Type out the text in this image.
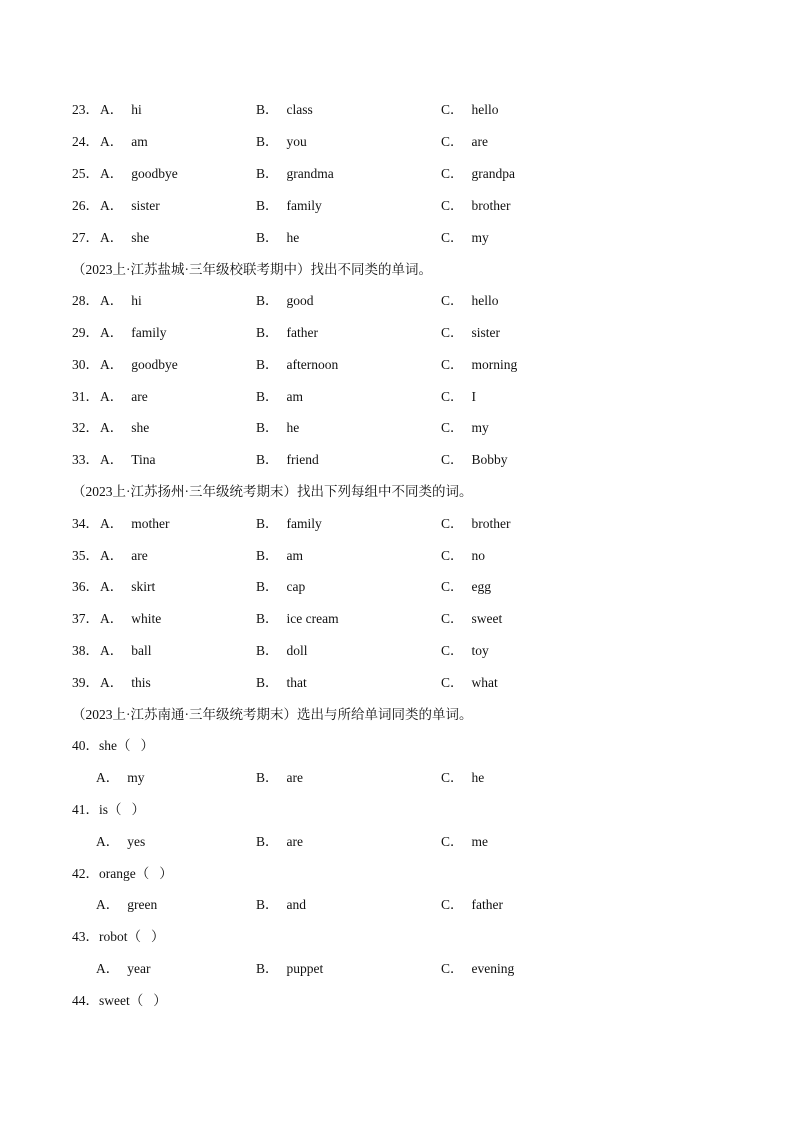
23． A． hi	B． class	C． hello
24． A． am	B． you	C． are
25． A． goodbye	B． grandma	C． grandpa
26． A． sister	B． family	C． brother
27． A． she	B． he	C． my
（2023上·江苏盐城·三年级校联考期中）找出不同类的单词。
28． A． hi	B． good	C． hello
29． A． family	B． father	C． sister
30． A． goodbye	B． afternoon	C． morning
31． A． are	B． am	C． I
32． A． she	B． he	C． my
33． A． Tina	B． friend	C． Bobby
（2023上·江苏扬州·三年级统考期末）找出下列每组中不同类的词。
34． A． mother	B． family	C． brother
35． A． are	B． am	C． no
36． A． skirt	B． cap	C． egg
37． A． white	B． ice cream	C． sweet
38． A． ball	B． doll	C． toy
39． A． this	B． that	C． what
（2023上·江苏南通·三年级统考期末）选出与所给单词同类的单词。
40．she（ ）
A． my	B． are	C． he
41．is（ ）
A． yes	B． are	C． me
42．orange（ ）
A． green	B． and	C． father
43．robot（ ）
A． year	B． puppet	C． evening
44．sweet（ ）
